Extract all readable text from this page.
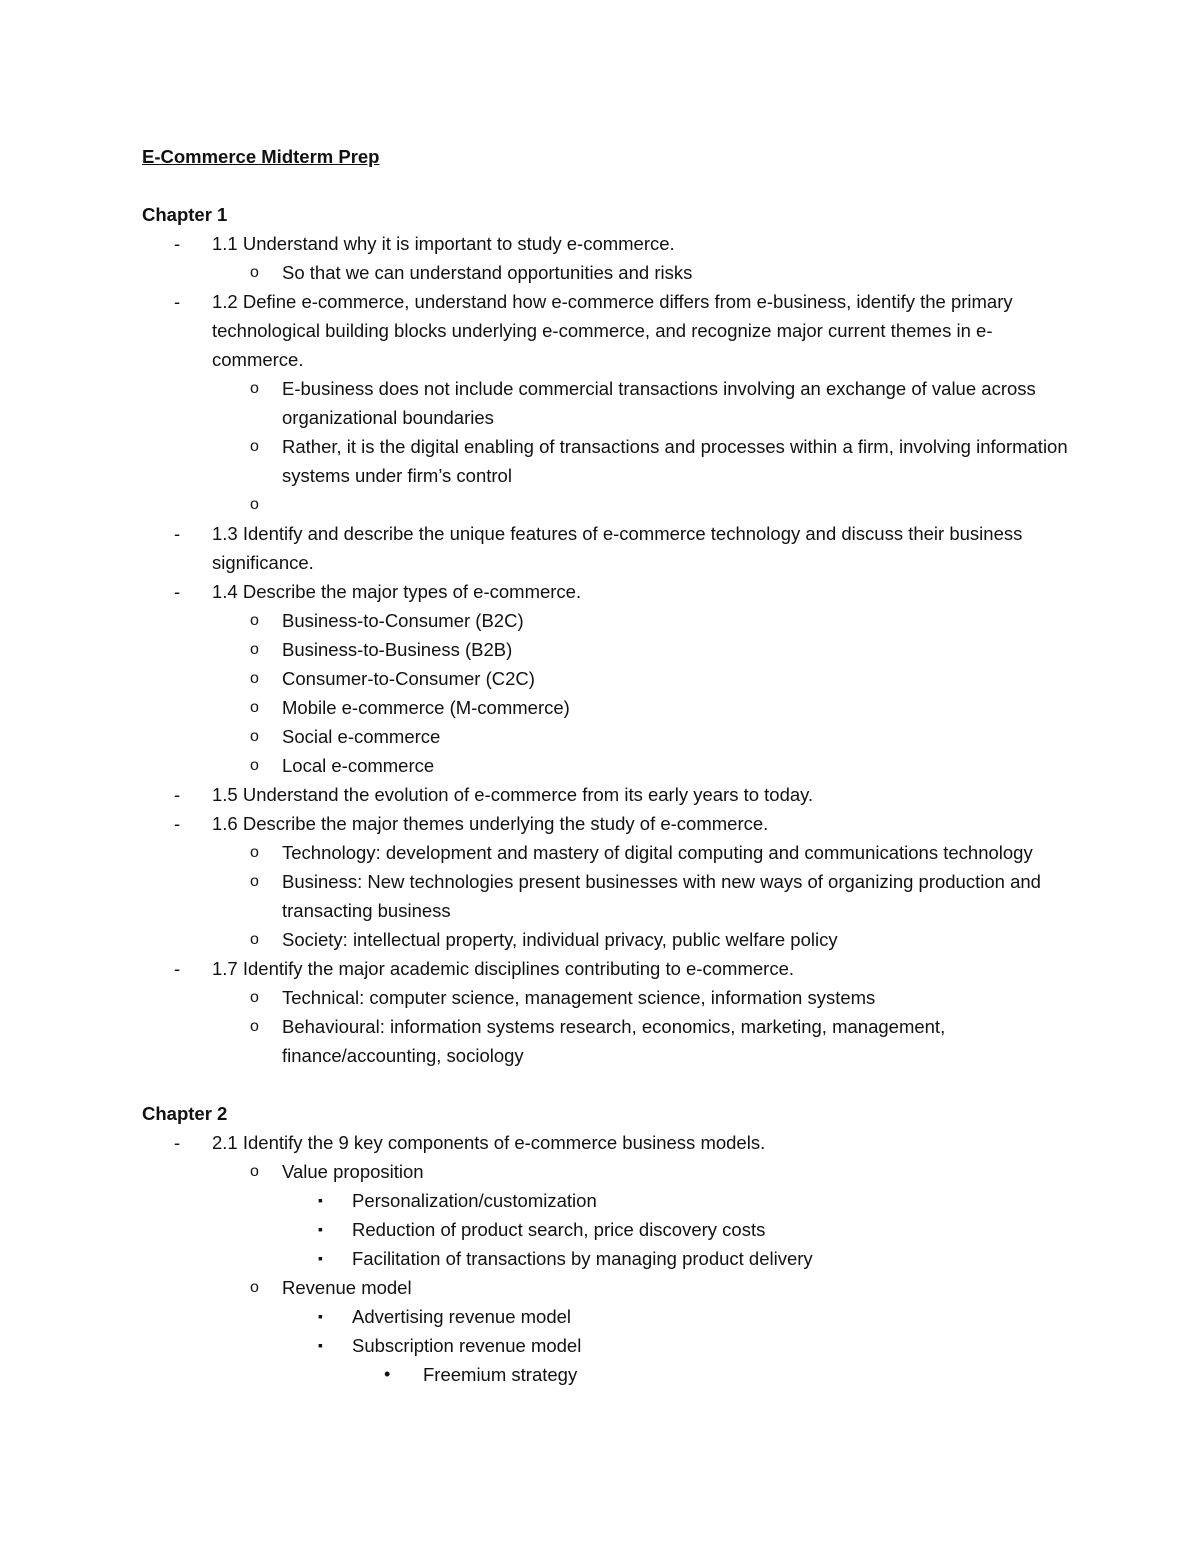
E-Commerce Midterm Prep
Chapter 1
-	1.1 Understand why it is important to study e-commerce.
o	So that we can understand opportunities and risks
-	1.2 Define e-commerce, understand how e-commerce differs from e-business, identify the primary technological building blocks underlying e-commerce, and recognize major current themes in e-commerce.
o	E-business does not include commercial transactions involving an exchange of value across organizational boundaries
o	Rather, it is the digital enabling of transactions and processes within a firm, involving information systems under firm’s control
o
-	1.3 Identify and describe the unique features of e-commerce technology and discuss their business significance.
-	1.4 Describe the major types of e-commerce.
o	Business-to-Consumer (B2C)
o	Business-to-Business (B2B)
o	Consumer-to-Consumer (C2C)
o	Mobile e-commerce (M-commerce)
o	Social e-commerce
o	Local e-commerce
-	1.5 Understand the evolution of e-commerce from its early years to today.
-	1.6 Describe the major themes underlying the study of e-commerce.
o	Technology: development and mastery of digital computing and communications technology
o	Business: New technologies present businesses with new ways of organizing production and transacting business
o	Society: intellectual property, individual privacy, public welfare policy
-	1.7 Identify the major academic disciplines contributing to e-commerce.
o	Technical: computer science, management science, information systems
o	Behavioural: information systems research, economics, marketing, management, finance/accounting, sociology
Chapter 2
-	2.1 Identify the 9 key components of e-commerce business models.
o	Value proposition
▪	Personalization/customization
▪	Reduction of product search, price discovery costs
▪	Facilitation of transactions by managing product delivery
o	Revenue model
▪	Advertising revenue model
▪	Subscription revenue model
•	Freemium strategy
